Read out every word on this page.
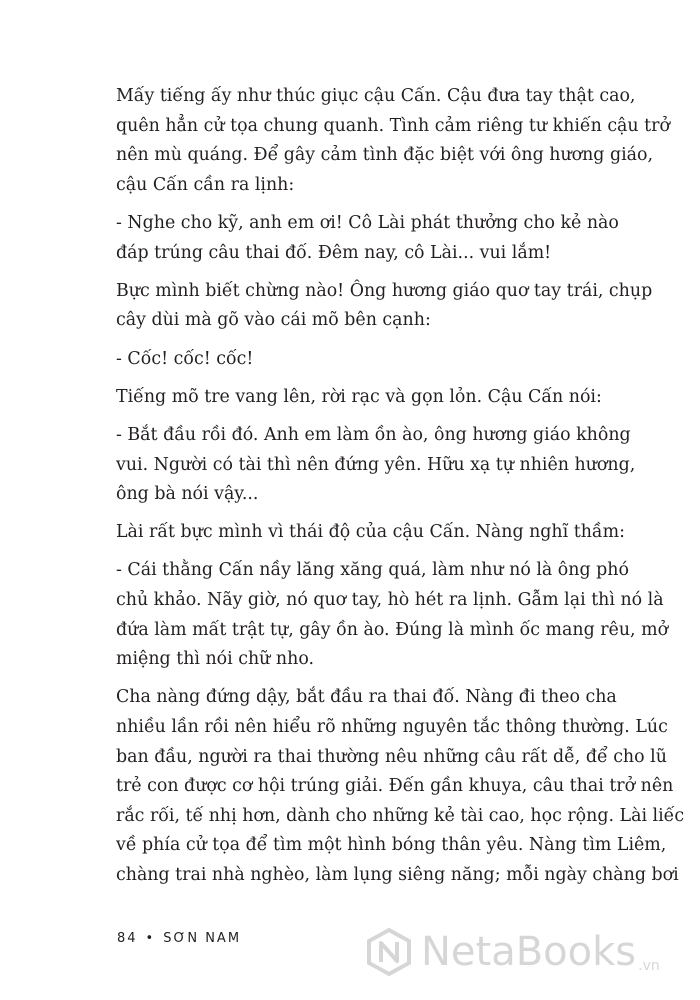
Mấy tiếng ấy như thúc giục cậu Cấn. Cậu đưa tay thật cao,
quên hẳn cử tọa chung quanh. Tình cảm riêng tư khiến cậu trở
nên mù quáng. Để gây cảm tình đặc biệt với ông hương giáo,
cậu Cấn cần ra lịnh:

- Nghe cho kỹ, anh em ơi! Cô Lài phát thưởng cho kẻ nào
đáp trúng câu thai đố. Đêm nay, cô Lài... vui lắm!

Bực mình biết chừng nào! Ông hương giáo quơ tay trái, chụp
cây dùi mà gõ vào cái mõ bên cạnh:

- Cốc! cốc! cốc!

Tiếng mõ tre vang lên, rời rạc và gọn lỏn. Cậu Cấn nói:

- Bắt đầu rồi đó. Anh em làm ồn ào, ông hương giáo không
vui. Người có tài thì nên đứng yên. Hữu xạ tự nhiên hương,
ông bà nói vậy...

Lài rất bực mình vì thái độ của cậu Cấn. Nàng nghĩ thầm:

- Cái thằng Cấn nầy lăng xăng quá, làm như nó là ông phó
chủ khảo. Nãy giờ, nó quơ tay, hò hét ra lịnh. Gẫm lại thì nó là
đứa làm mất trật tự, gây ồn ào. Đúng là mình ốc mang rêu, mở
miệng thì nói chữ nho.

Cha nàng đứng dậy, bắt đầu ra thai đố. Nàng đi theo cha
nhiều lần rồi nên hiểu rõ những nguyên tắc thông thường. Lúc
ban đầu, người ra thai thường nêu những câu rất dễ, để cho lũ
trẻ con được cơ hội trúng giải. Đến gần khuya, câu thai trở nên
rắc rối, tế nhị hơn, dành cho những kẻ tài cao, học rộng. Lài liếc
về phía cử tọa để tìm một hình bóng thân yêu. Nàng tìm Liêm,
chàng trai nhà nghèo, làm lụng siêng năng; mỗi ngày chàng bơi

84 • SƠN NAM	NetaBooks .vn
